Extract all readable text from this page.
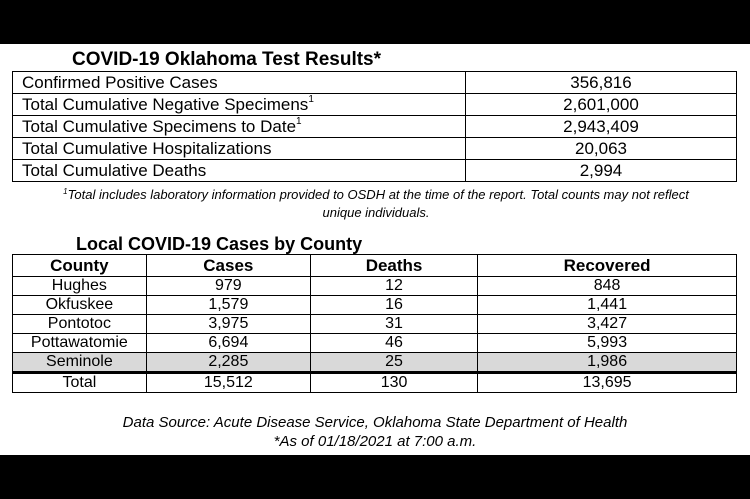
COVID-19 Oklahoma Test Results*
Confirmed Positive Cases	356,816
Total Cumulative Negative Specimens$^1$	2,601,000
Total Cumulative Specimens to Date$^1$	2,943,409
Total Cumulative Hospitalizations	20,063
Total Cumulative Deaths	2,994
$^1$Total includes laboratory information provided to OSDH at the time of the report. Total counts may not reflect
unique individuals.
Local COVID-19 Cases by County
County	Cases	Deaths	Recovered
Hughes	979	12	848
Okfuskee	1,579	16	1,441
Pontotoc	3,975	31	3,427
Pottawatomie	6,694	46	5,993
Seminole	2,285	25	1,986
Total	15,512	130	13,695
Data Source: Acute Disease Service, Oklahoma State Department of Health
*As of 01/18/2021 at 7:00 a.m.
